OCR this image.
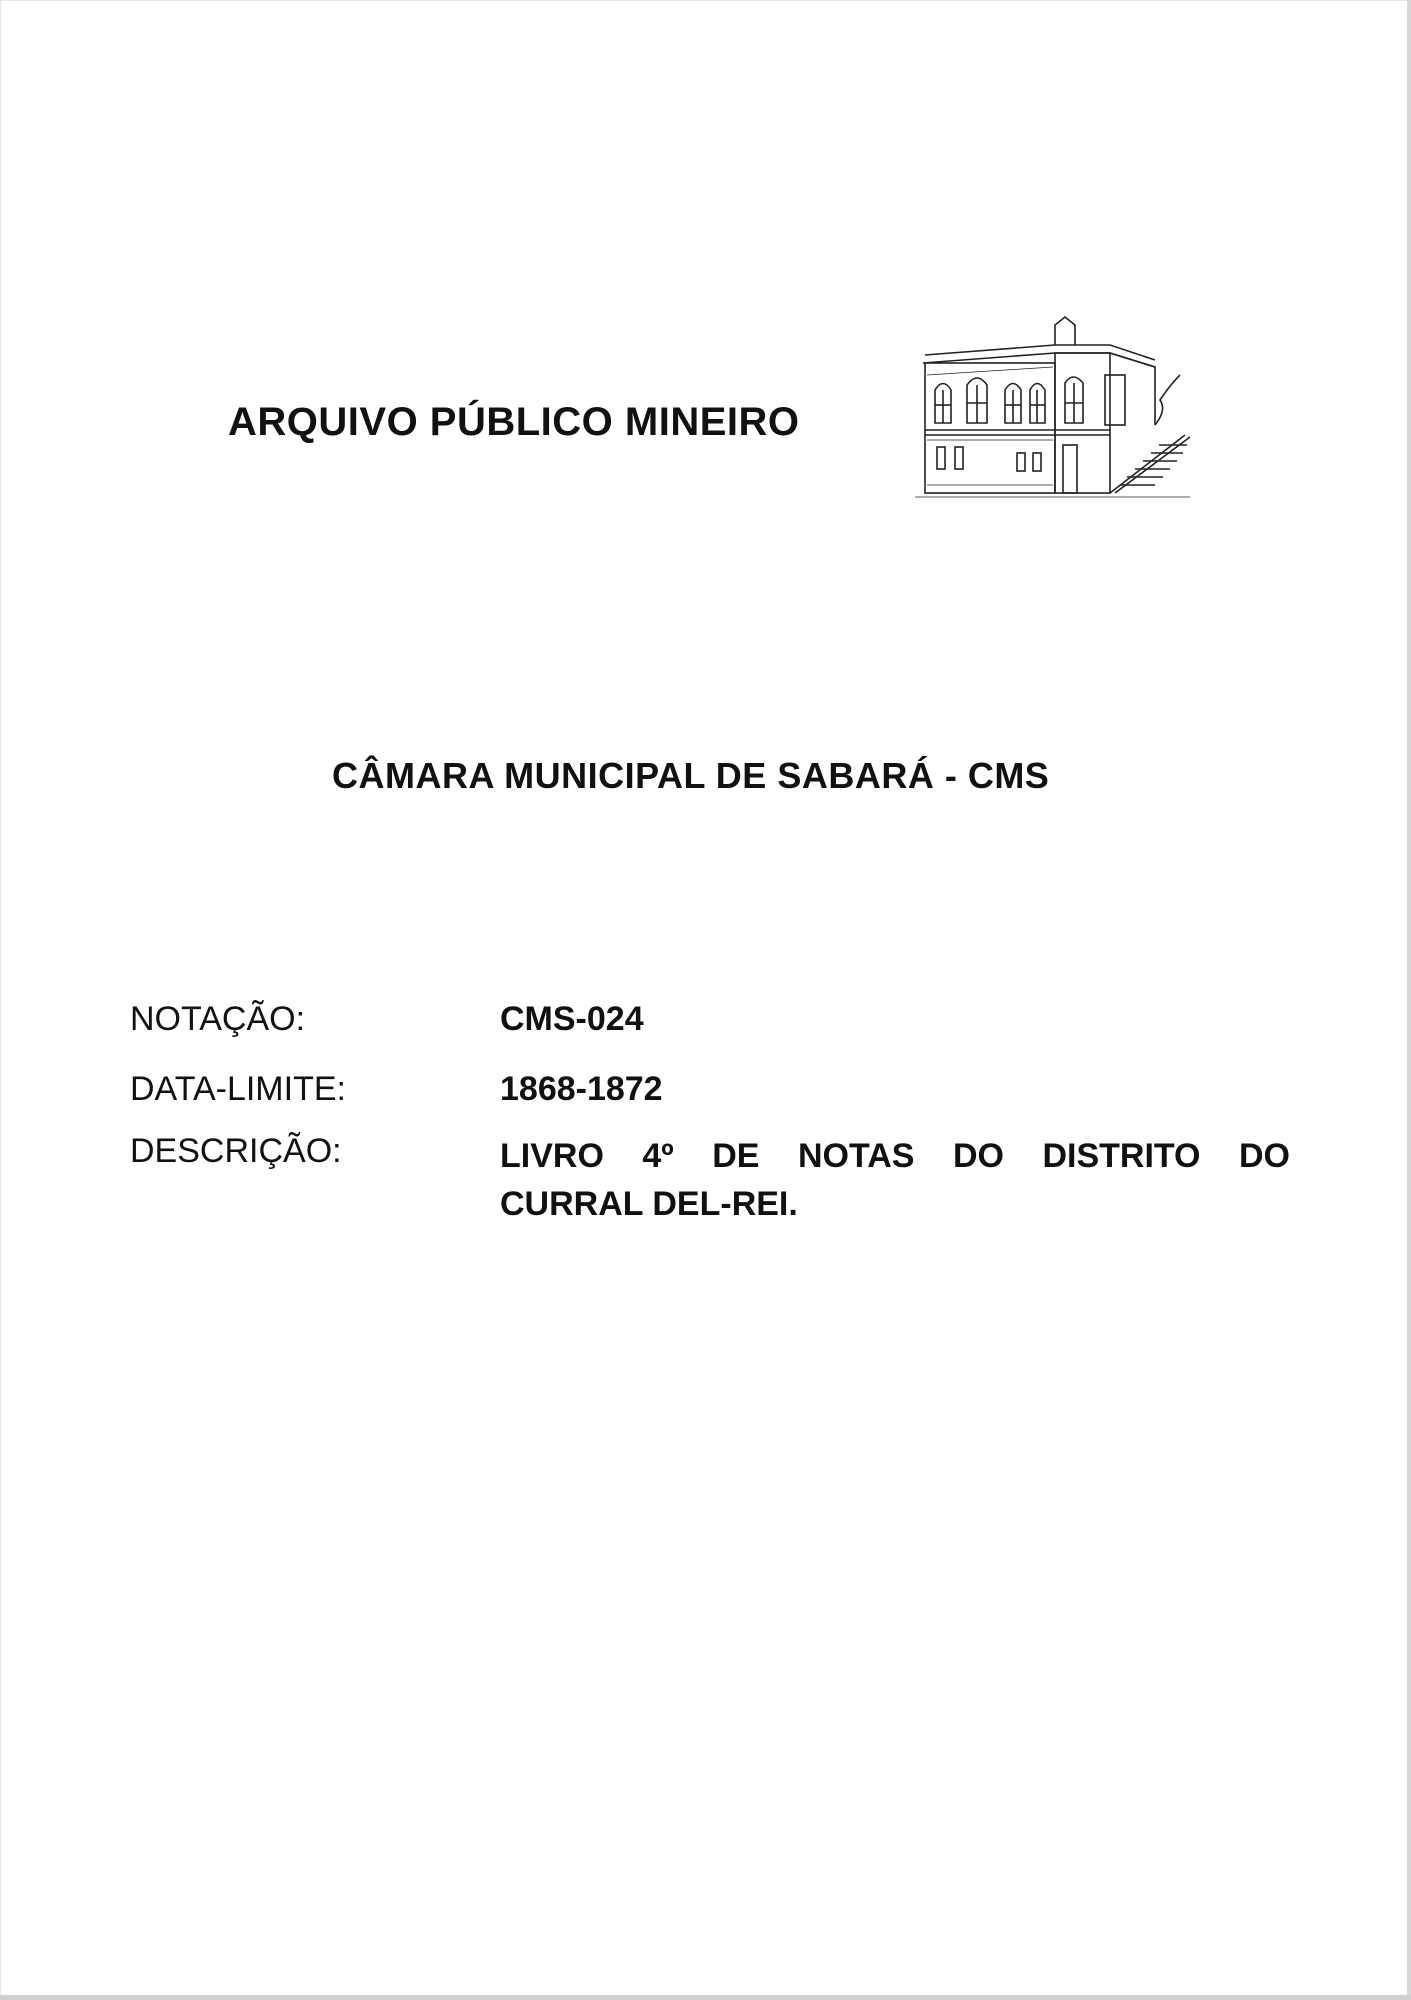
ARQUIVO PÚBLICO MINEIRO
CÂMARA MUNICIPAL DE SABARÁ - CMS
NOTAÇÃO:	CMS-024
DATA-LIMITE:	1868-1872
DESCRIÇÃO:	LIVRO 4º DE NOTAS DO DISTRITO DO
CURRAL DEL-REI.
